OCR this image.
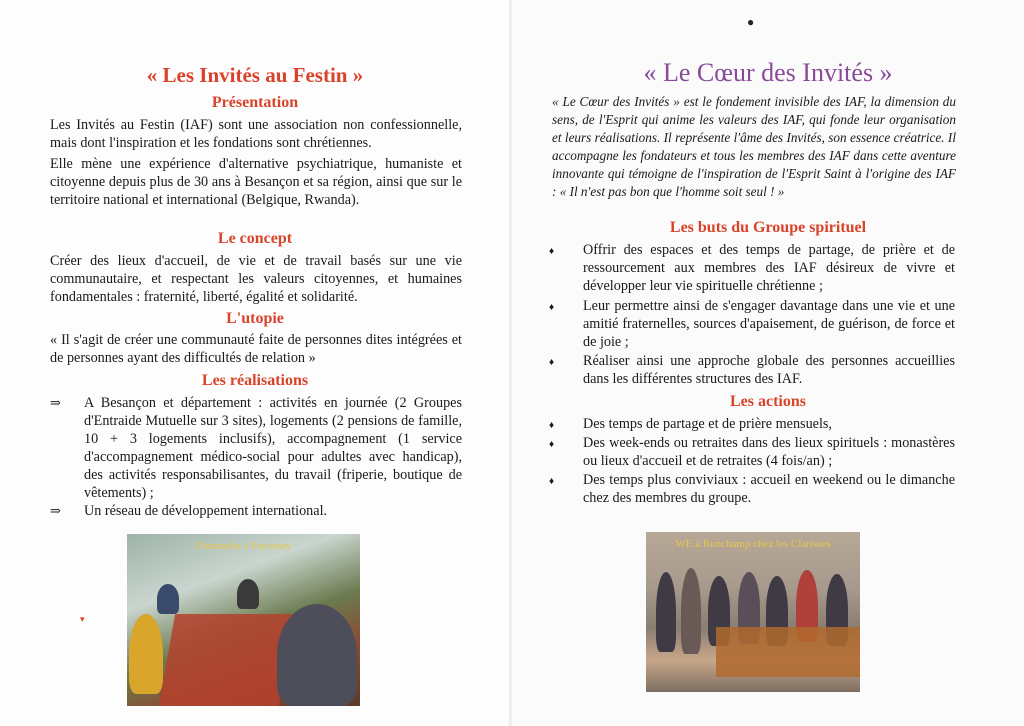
●
« Les Invités au Festin »
Présentation
Les Invités au Festin (IAF) sont une association non confessionnelle, mais dont l'inspiration et les fondations sont chrétiennes.
Elle mène une expérience d'alternative psychiatrique, humaniste et citoyenne depuis plus de 30 ans à Besançon et sa région, ainsi que sur le territoire national et international (Belgique, Rwanda).
Le concept
Créer des lieux d'accueil, de vie et de travail basés sur une vie communautaire, et respectant les valeurs citoyennes, et humaines fondamentales : fraternité, liberté, égalité et solidarité.
L'utopie
« Il s'agit de créer une communauté faite de personnes dites intégrées et de personnes ayant des difficultés de relation »
Les réalisations
⇒ A Besançon et département : activités en journée (2 Groupes d'Entraide Mutuelle sur 3 sites), logements (2 pensions de famille, 10 + 3 logements inclusifs), accompagnement (1 service d'accompagnement médico-social pour adultes avec handicap), des activités responsabilisantes, du travail (friperie, boutique de vêtements) ;
⇒ Un réseau de développement international.
▾
Dimanche à Parcenay
« Le Cœur des Invités »
« Le Cœur des Invités » est le fondement invisible des IAF, la dimension du sens, de l'Esprit qui anime les valeurs des IAF, qui fonde leur organisation et leurs réalisations. Il représente l'âme des Invités, son essence créatrice. Il accompagne les fondateurs et tous les membres des IAF dans cette aventure innovante qui témoigne de l'inspiration de l'Esprit Saint à l'origine des IAF : « Il n'est pas bon que l'homme soit seul ! »
Les buts du Groupe spirituel
♦ Offrir des espaces et des temps de partage, de prière et de ressourcement aux membres des IAF désireux de vivre et développer leur vie spirituelle chrétienne ;
♦ Leur permettre ainsi de s'engager davantage dans une vie et une amitié fraternelles, sources d'apaisement, de guérison, de force et de joie ;
♦ Réaliser ainsi une approche globale des personnes accueillies dans les différentes structures des IAF.
Les actions
♦ Des temps de partage et de prière mensuels,
♦ Des week-ends ou retraites dans des lieux spirituels : monastères ou lieux d'accueil et de retraites (4 fois/an) ;
♦ Des temps plus conviviaux : accueil en weekend ou le dimanche chez des membres du groupe.
WE à Ronchamp chez les Clarisses
